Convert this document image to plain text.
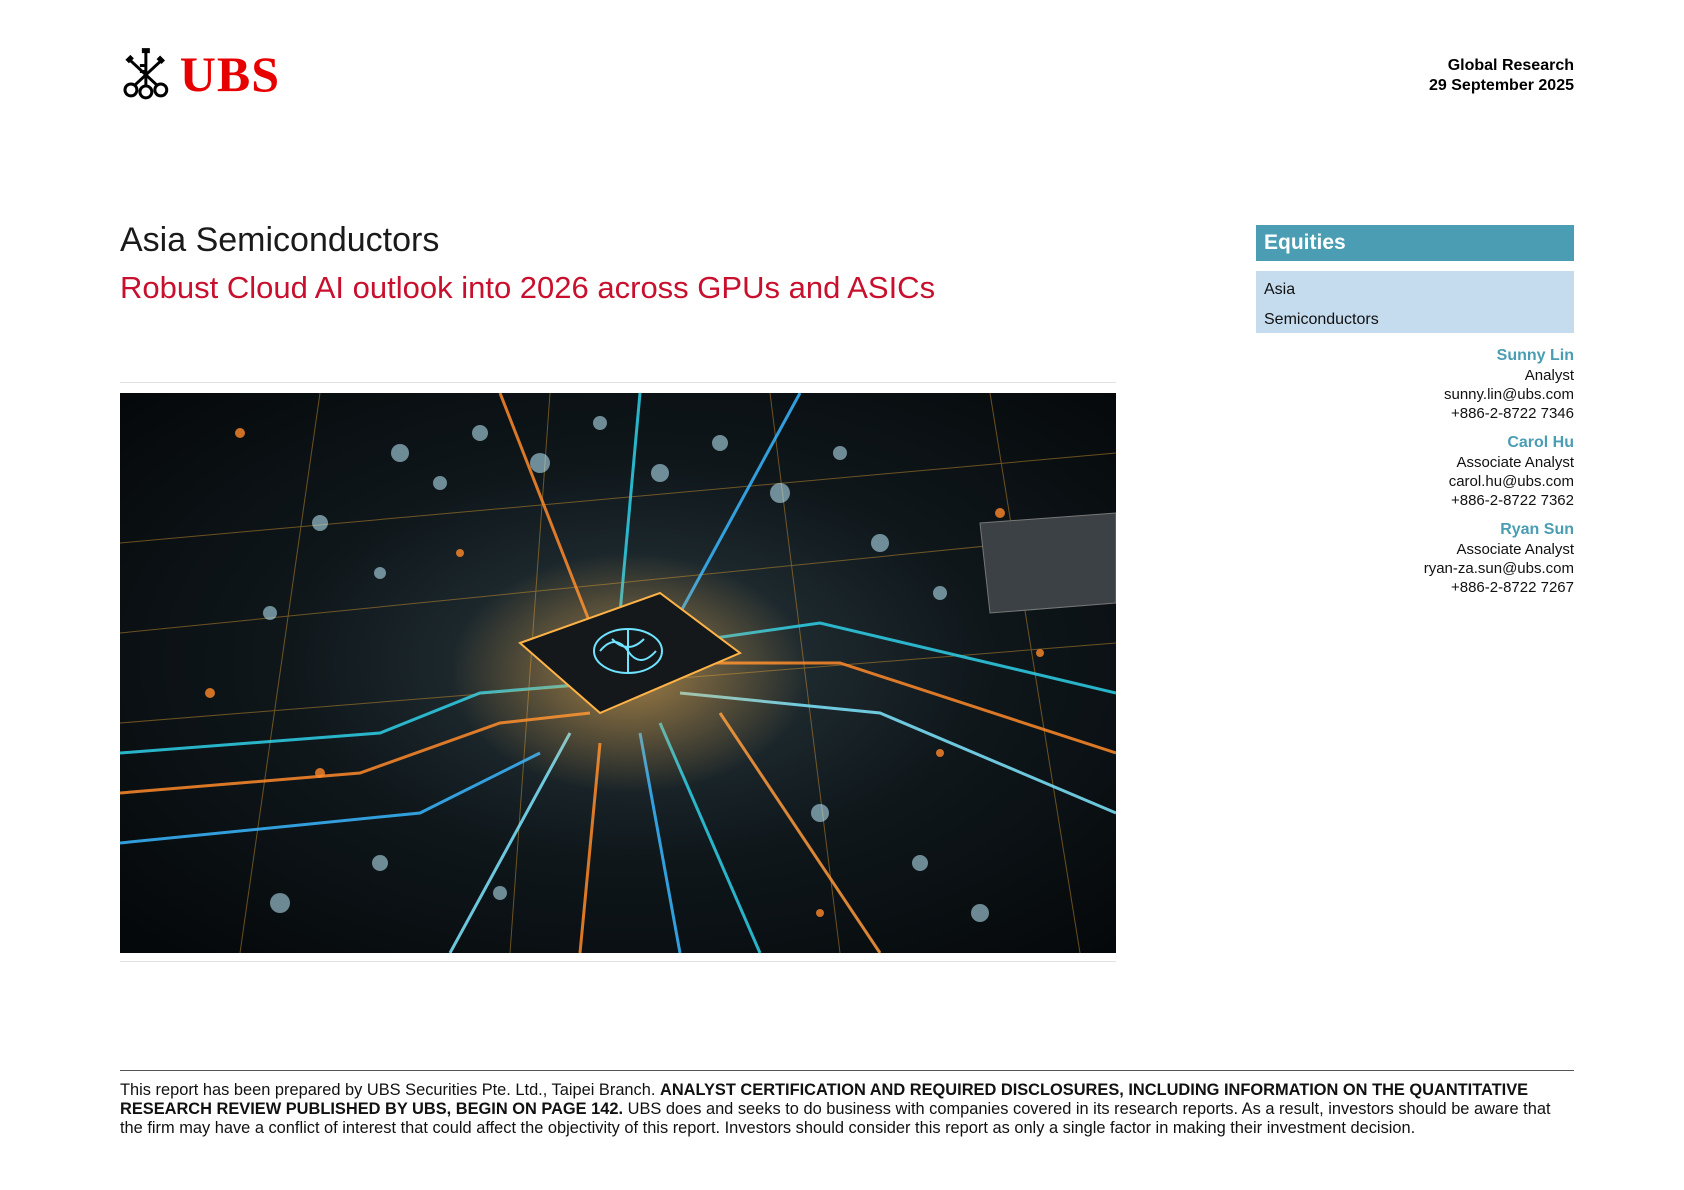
UBS	Global Research
29 September 2025
Asia Semiconductors
Robust Cloud AI outlook into 2026 across GPUs and ASICs
Equities
Asia
Semiconductors
Sunny Lin
Analyst
sunny.lin@ubs.com
+886-2-8722 7346
Carol Hu
Associate Analyst
carol.hu@ubs.com
+886-2-8722 7362
Ryan Sun
Associate Analyst
ryan-za.sun@ubs.com
+886-2-8722 7267
This report has been prepared by UBS Securities Pte. Ltd., Taipei Branch. ANALYST CERTIFICATION AND REQUIRED DISCLOSURES, INCLUDING INFORMATION ON THE QUANTITATIVE RESEARCH REVIEW PUBLISHED BY UBS, BEGIN ON PAGE 142. UBS does and seeks to do business with companies covered in its research reports. As a result, investors should be aware that the firm may have a conflict of interest that could affect the objectivity of this report. Investors should consider this report as only a single factor in making their investment decision.
